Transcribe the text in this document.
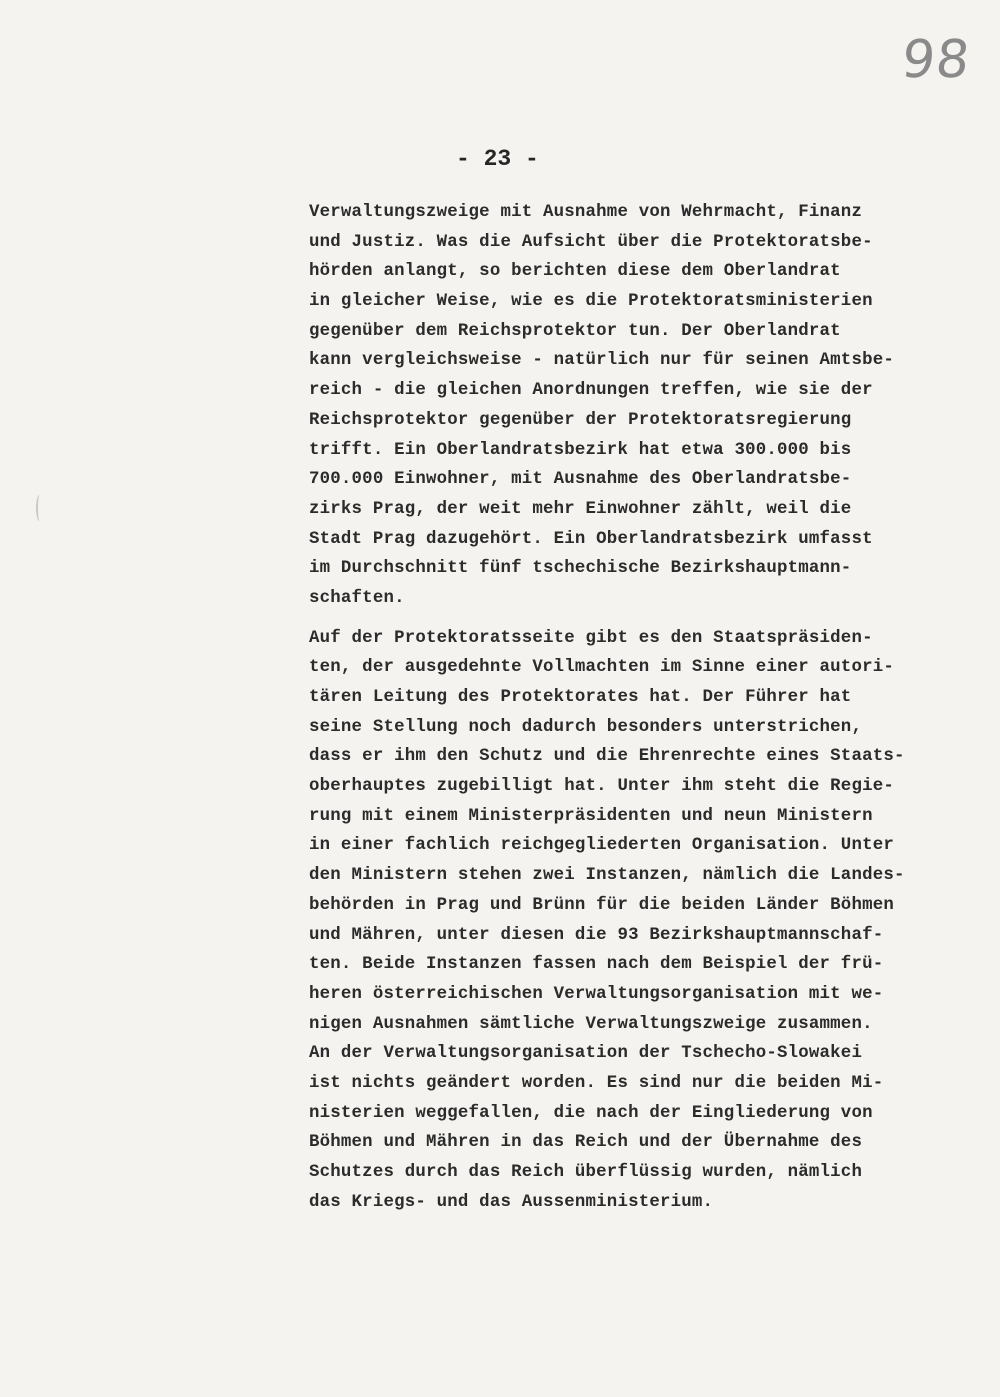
98
- 23 -
Verwaltungszweige mit Ausnahme von Wehrmacht, Finanz
und Justiz. Was die Aufsicht über die Protektoratsbe-
hörden anlangt, so berichten diese dem Oberlandrat
in gleicher Weise, wie es die Protektoratsministerien
gegenüber dem Reichsprotektor tun. Der Oberlandrat
kann vergleichsweise - natürlich nur für seinen Amtsbe-
reich - die gleichen Anordnungen treffen, wie sie der
Reichsprotektor gegenüber der Protektoratsregierung
trifft. Ein Oberlandratsbezirk hat etwa 300.000 bis
700.000 Einwohner, mit Ausnahme des Oberlandratsbe-
zirks Prag, der weit mehr Einwohner zählt, weil die
Stadt Prag dazugehört. Ein Oberlandratsbezirk umfasst
im Durchschnitt fünf tschechische Bezirkshauptmann-
schaften.
Auf der Protektoratsseite gibt es den Staatspräsiden-
ten, der ausgedehnte Vollmachten im Sinne einer autori-
tären Leitung des Protektorates hat. Der Führer hat
seine Stellung noch dadurch besonders unterstrichen,
dass er ihm den Schutz und die Ehrenrechte eines Staats-
oberhauptes zugebilligt hat. Unter ihm steht die Regie-
rung mit einem Ministerpräsidenten und neun Ministern
in einer fachlich reichgegliederten Organisation. Unter
den Ministern stehen zwei Instanzen, nämlich die Landes-
behörden in Prag und Brünn für die beiden Länder Böhmen
und Mähren, unter diesen die 93 Bezirkshauptmannschaf-
ten. Beide Instanzen fassen nach dem Beispiel der frü-
heren österreichischen Verwaltungsorganisation mit we-
nigen Ausnahmen sämtliche Verwaltungszweige zusammen.
An der Verwaltungsorganisation der Tschecho-Slowakei
ist nichts geändert worden. Es sind nur die beiden Mi-
nisterien weggefallen, die nach der Eingliederung von
Böhmen und Mähren in das Reich und der Übernahme des
Schutzes durch das Reich überflüssig wurden, nämlich
das Kriegs- und das Aussenministerium.
